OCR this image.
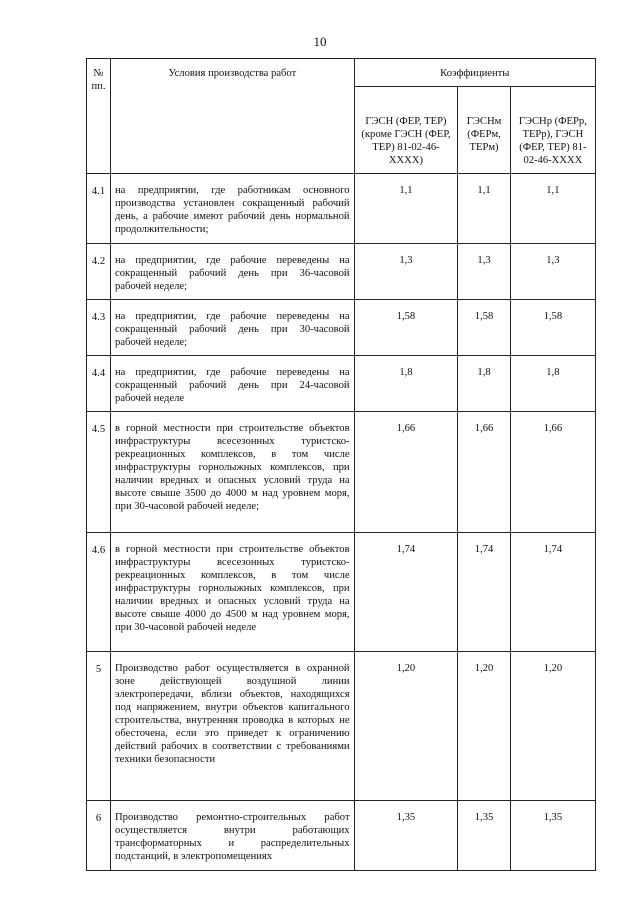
10
№ пп.	Условия производства работ	Коэффициенты		
		ГЭСН (ФЕР, ТЕР) (кроме ГЭСН (ФЕР, ТЕР) 81-02-46-XXXX)	ГЭСНм (ФЕРм, ТЕРм)	ГЭСНр (ФЕРр, ТЕРр), ГЭСН (ФЕР, ТЕР) 81-02-46-XXXX
4.1	на предприятии, где работникам основного производства установлен сокращенный рабочий день, а рабочие имеют рабочий день нормальной продолжительности;	1,1	1,1	1,1
4.2	на предприятии, где рабочие переведены на сокращенный рабочий день при 36-часовой рабочей неделе;	1,3	1,3	1,3
4.3	на предприятии, где рабочие переведены на сокращенный рабочий день при 30-часовой рабочей неделе;	1,58	1,58	1,58
4.4	на предприятии, где рабочие переведены на сокращенный рабочий день при 24-часовой рабочей неделе	1,8	1,8	1,8
4.5	в горной местности при строительстве объектов инфраструктуры всесезонных туристско-рекреационных комплексов, в том числе инфраструктуры горнолыжных комплексов, при наличии вредных и опасных условий труда на высоте свыше 3500 до 4000 м над уровнем моря, при 30-часовой рабочей неделе;	1,66	1,66	1,66
4.6	в горной местности при строительстве объектов инфраструктуры всесезонных туристско-рекреационных комплексов, в том числе инфраструктуры горнолыжных комплексов, при наличии вредных и опасных условий труда на высоте свыше 4000 до 4500 м над уровнем моря, при 30-часовой рабочей неделе	1,74	1,74	1,74
5	Производство работ осуществляется в охранной зоне действующей воздушной линии электропередачи, вблизи объектов, находящихся под напряжением, внутри объектов капитального строительства, внутренняя проводка в которых не обесточена, если это приведет к ограничению действий рабочих в соответствии с требованиями техники безопасности	1,20	1,20	1,20
6	Производство ремонтно-строительных работ осуществляется внутри работающих трансформаторных и распределительных подстанций, в электропомещениях	1,35	1,35	1,35
